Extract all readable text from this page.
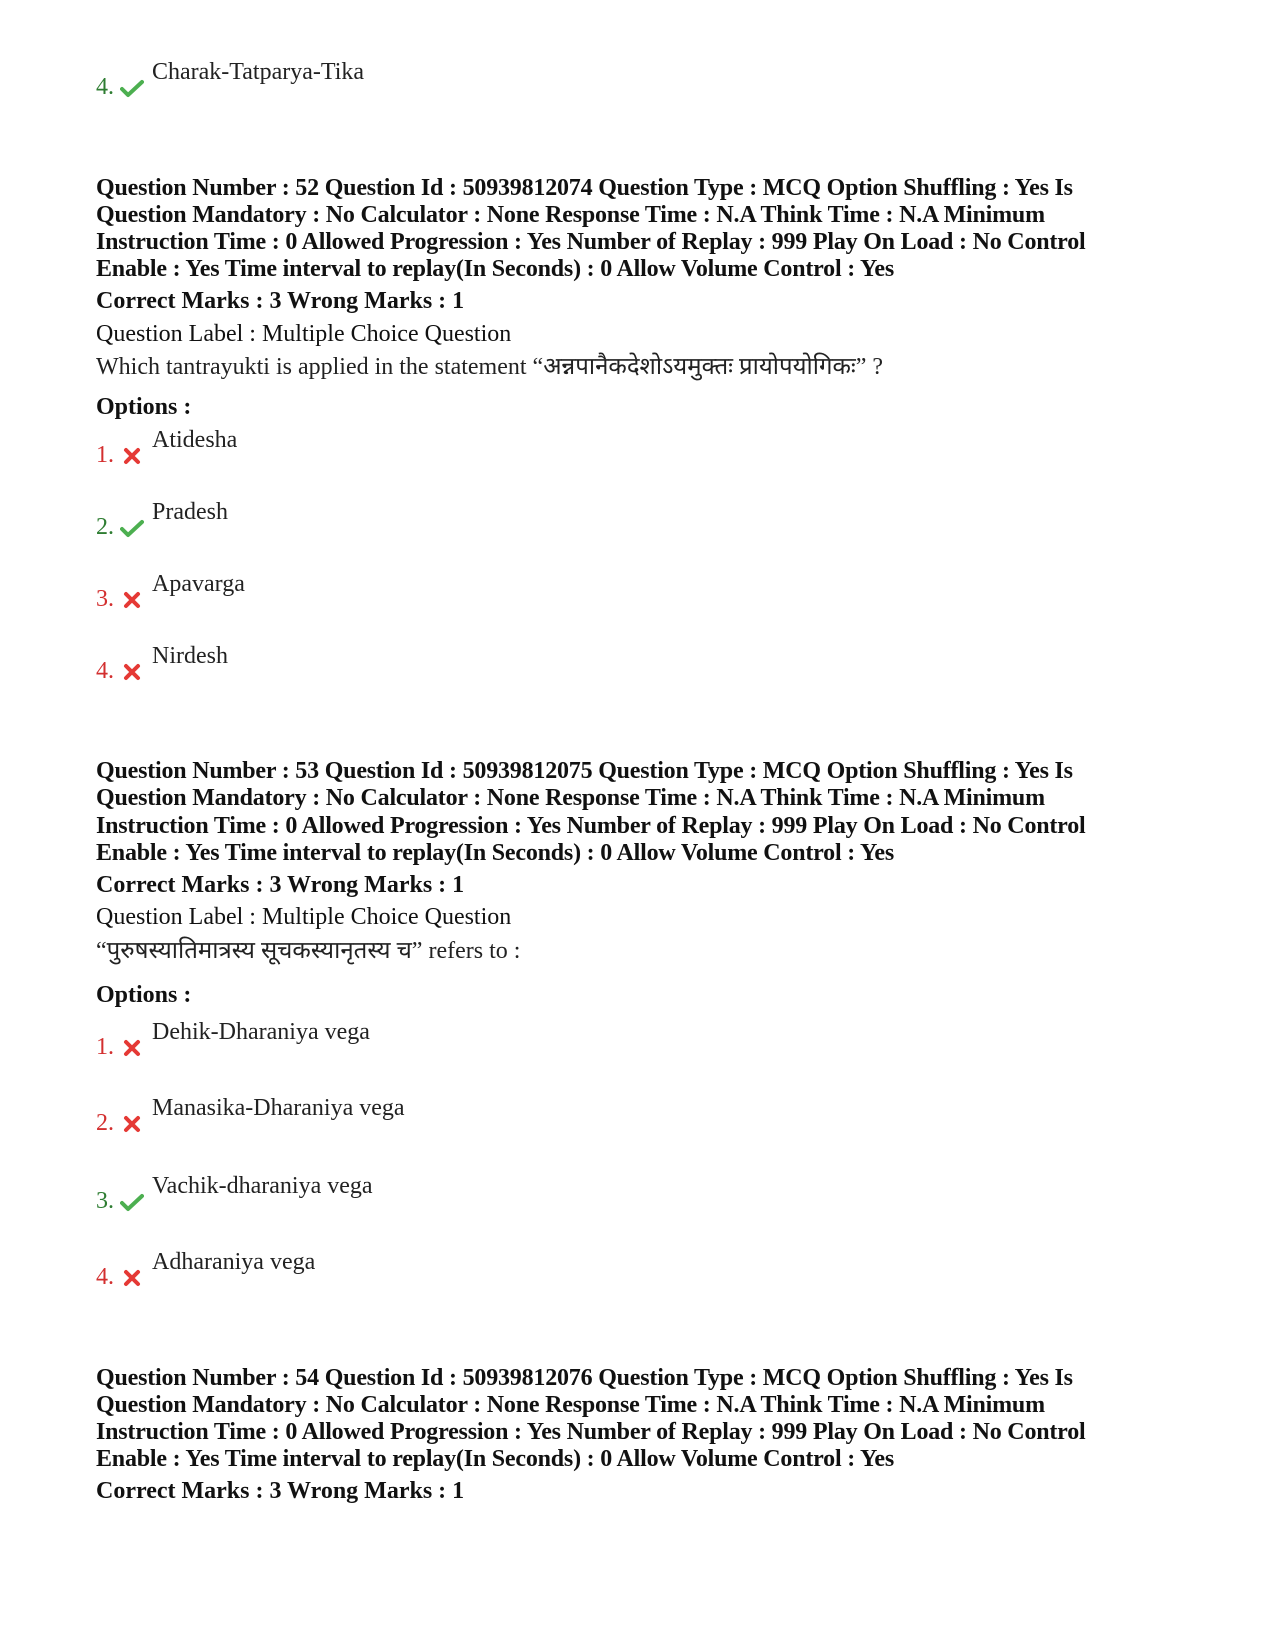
4.
Charak-Tatparya-Tika
Question Number : 52 Question Id : 50939812074 Question Type : MCQ Option Shuffling : Yes Is
Question Mandatory : No Calculator : None Response Time : N.A Think Time : N.A Minimum
Instruction Time : 0 Allowed Progression : Yes Number of Replay : 999 Play On Load : No Control
Enable : Yes Time interval to replay(In Seconds) : 0 Allow Volume Control : Yes
Correct Marks : 3 Wrong Marks : 1
Question Label : Multiple Choice Question
Which tantrayukti is applied in the statement “अन्नपानैकदेशोऽयमुक्तः प्रायोपयोगिकः” ?
Options :
1.
Atidesha
2.
Pradesh
3.
Apavarga
4.
Nirdesh
Question Number : 53 Question Id : 50939812075 Question Type : MCQ Option Shuffling : Yes Is
Question Mandatory : No Calculator : None Response Time : N.A Think Time : N.A Minimum
Instruction Time : 0 Allowed Progression : Yes Number of Replay : 999 Play On Load : No Control
Enable : Yes Time interval to replay(In Seconds) : 0 Allow Volume Control : Yes
Correct Marks : 3 Wrong Marks : 1
Question Label : Multiple Choice Question
“पुरुषस्यातिमात्रस्य सूचकस्यानृतस्य च” refers to :
Options :
1.
Dehik-Dharaniya vega
2.
Manasika-Dharaniya vega
3.
Vachik-dharaniya vega
4.
Adharaniya vega
Question Number : 54 Question Id : 50939812076 Question Type : MCQ Option Shuffling : Yes Is
Question Mandatory : No Calculator : None Response Time : N.A Think Time : N.A Minimum
Instruction Time : 0 Allowed Progression : Yes Number of Replay : 999 Play On Load : No Control
Enable : Yes Time interval to replay(In Seconds) : 0 Allow Volume Control : Yes
Correct Marks : 3 Wrong Marks : 1
